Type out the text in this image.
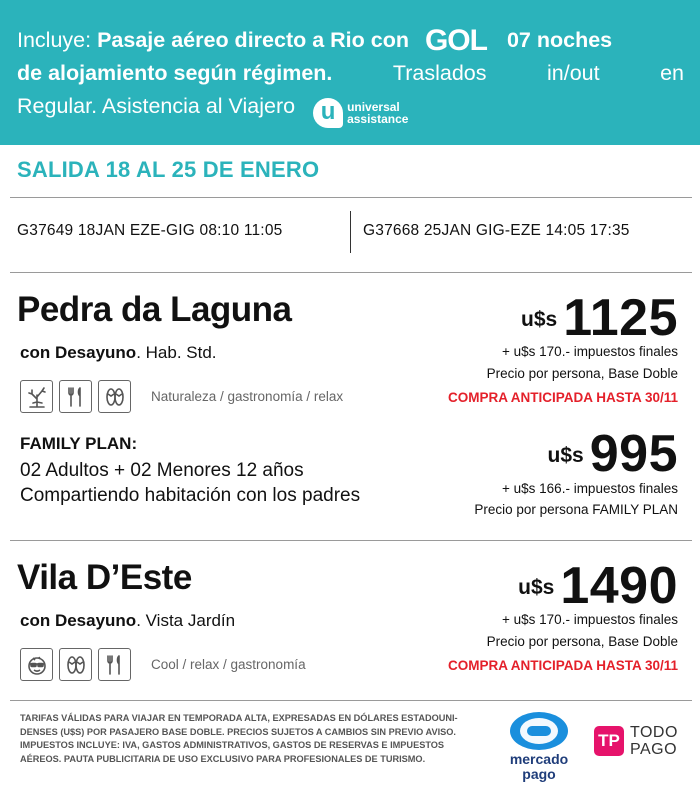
Incluye: Pasaje aéreo directo a Rio con GOL 07 noches
de alojamiento según régimen.	Traslados	in/out	en
Regular. Asistencia al Viajero	u universal
assistance
SALIDA 18 AL 25 DE ENERO
G37649 18JAN EZE-GIG 08:10 11:05	G37668 25JAN GIG-EZE 14:05 17:35
Pedra da Laguna
con Desayuno. Hab. Std.
Naturaleza / gastronomía / relax
u$s 1125
+ u$s 170.- impuestos finales
Precio por persona, Base Doble
COMPRA ANTICIPADA HASTA 30/11
FAMILY PLAN:
02 Adultos + 02 Menores 12 años
Compartiendo habitación con los padres
u$s 995
+ u$s 166.- impuestos finales
Precio por persona FAMILY PLAN
Vila D’Este
con Desayuno. Vista Jardín
Cool / relax / gastronomía
u$s 1490
+ u$s 170.- impuestos finales
Precio por persona, Base Doble
COMPRA ANTICIPADA HASTA 30/11
TARIFAS VÁLIDAS PARA VIAJAR EN TEMPORADA ALTA, EXPRESADAS EN DÓLARES ESTADOUNI-DENSES (U$S) POR PASAJERO BASE DOBLE. PRECIOS SUJETOS A CAMBIOS SIN PREVIO AVISO. IMPUESTOS INCLUYE: IVA, GASTOS ADMINISTRATIVOS, GASTOS DE RESERVAS E IMPUESTOS AÉREOS. PAUTA PUBLICITARIA DE USO EXCLUSIVO PARA PROFESIONALES DE TURISMO.	mercado
pago
TP TODO
PAGO
